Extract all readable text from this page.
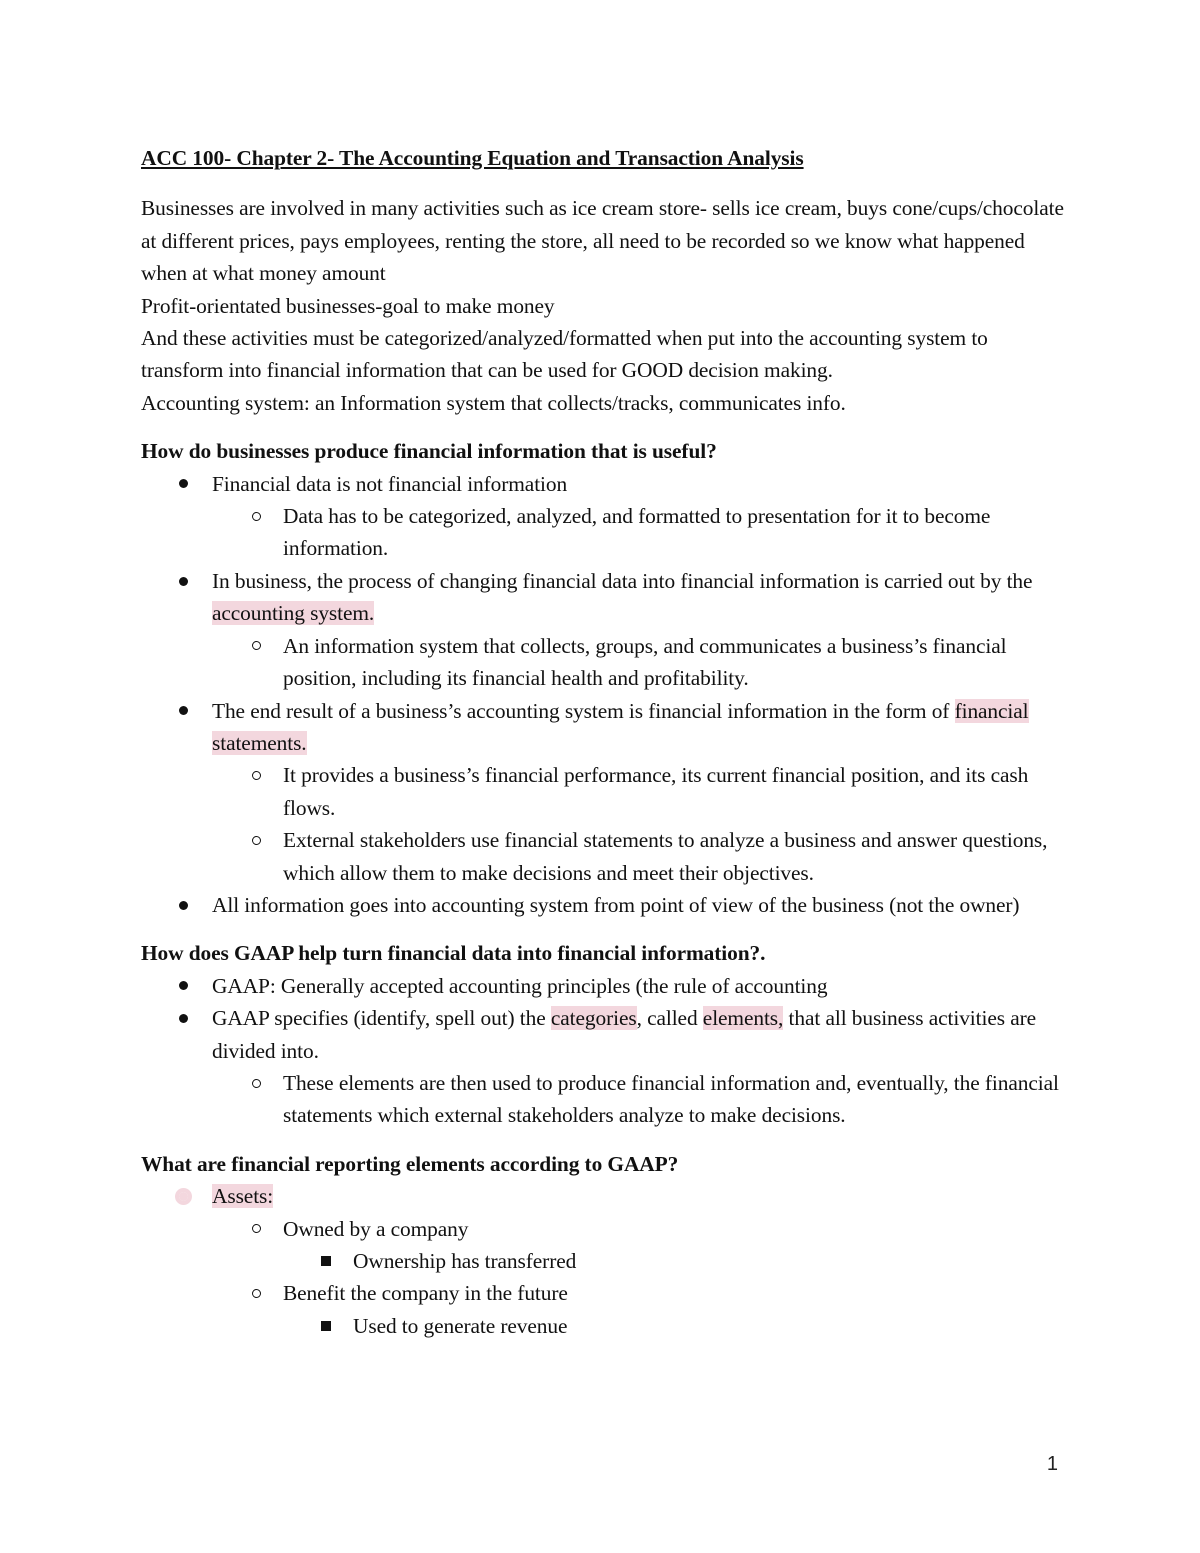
ACC 100- Chapter 2- The Accounting Equation and Transaction Analysis

Businesses are involved in many activities such as ice cream store- sells ice cream, buys cone/cups/chocolate at different prices, pays employees, renting the store, all need to be recorded so we know what happened when at what money amount

Profit-orientated businesses-goal to make money

And these activities must be categorized/analyzed/formatted when put into the accounting system to transform into financial information that can be used for GOOD decision making.

Accounting system: an Information system that collects/tracks, communicates info.

How do businesses produce financial information that is useful?

Financial data is not financial information
Data has to be categorized, analyzed, and formatted to presentation for it to become information.
In business, the process of changing financial data into financial information is carried out by the accounting system.
An information system that collects, groups, and communicates a business’s financial position, including its financial health and profitability.
The end result of a business’s accounting system is financial information in the form of financial statements.
It provides a business’s financial performance, its current financial position, and its cash flows.
External stakeholders use financial statements to analyze a business and answer questions, which allow them to make decisions and meet their objectives.
All information goes into accounting system from point of view of the business (not the owner)

How does GAAP help turn financial data into financial information?.

GAAP: Generally accepted accounting principles (the rule of accounting
GAAP specifies (identify, spell out) the categories, called elements, that all business activities are divided into.
These elements are then used to produce financial information and, eventually, the financial statements which external stakeholders analyze to make decisions.

What are financial reporting elements according to GAAP?

Assets:
Owned by a company
Ownership has transferred
Benefit the company in the future
Used to generate revenue
1
